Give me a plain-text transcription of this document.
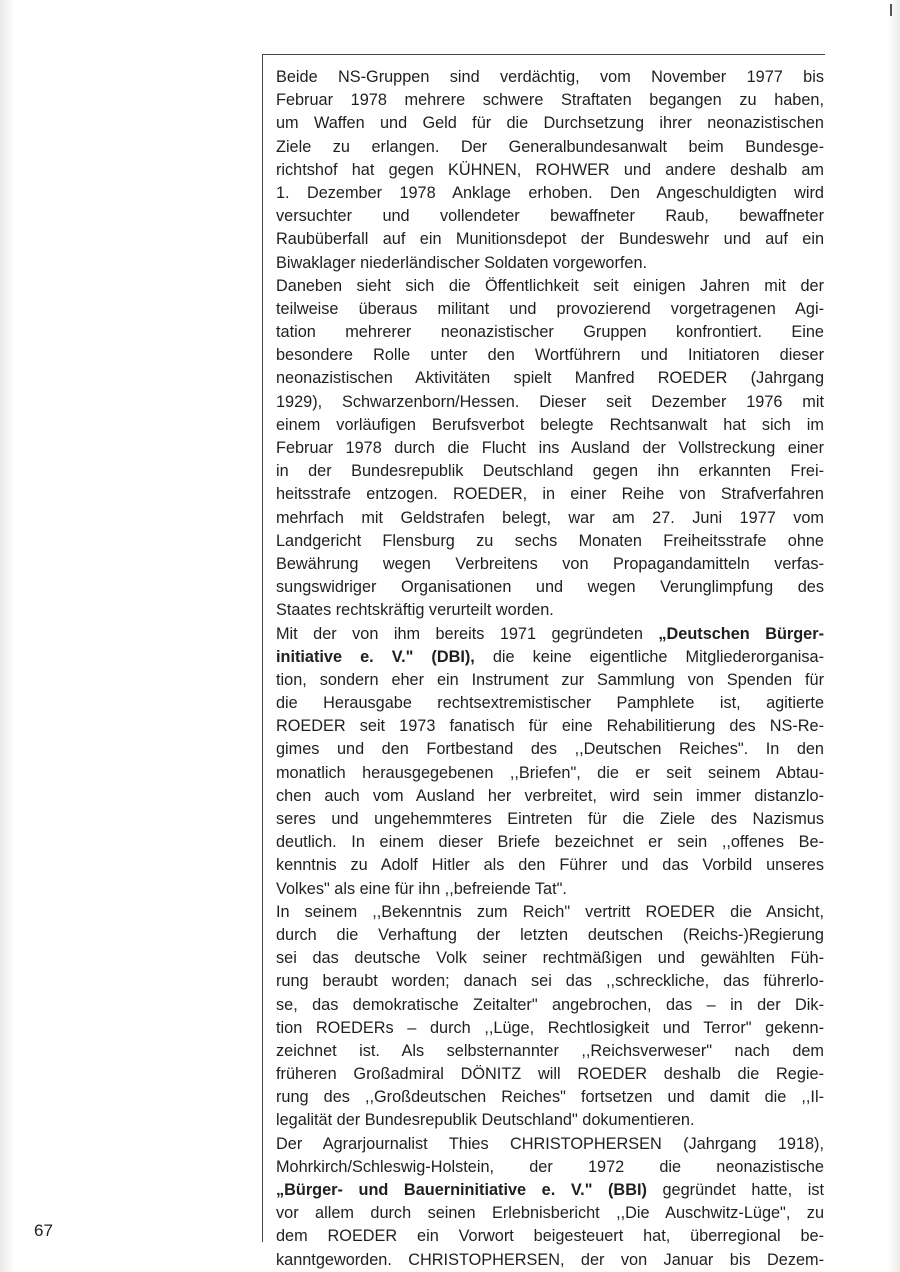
67
Beide NS-Gruppen sind verdächtig, vom November 1977 bis
Februar 1978 mehrere schwere Straftaten begangen zu haben,
um Waffen und Geld für die Durchsetzung ihrer neonazistischen
Ziele zu erlangen. Der Generalbundesanwalt beim Bundesge-
richtshof hat gegen KÜHNEN, ROHWER und andere deshalb am
1. Dezember 1978 Anklage erhoben. Den Angeschuldigten wird
versuchter und vollendeter bewaffneter Raub, bewaffneter
Raubüberfall auf ein Munitionsdepot der Bundeswehr und auf ein
Biwaklager niederländischer Soldaten vorgeworfen.
Daneben sieht sich die Öffentlichkeit seit einigen Jahren mit der
teilweise überaus militant und provozierend vorgetragenen Agi-
tation mehrerer neonazistischer Gruppen konfrontiert. Eine
besondere Rolle unter den Wortführern und Initiatoren dieser
neonazistischen Aktivitäten spielt Manfred ROEDER (Jahrgang
1929), Schwarzenborn/Hessen. Dieser seit Dezember 1976 mit
einem vorläufigen Berufsverbot belegte Rechtsanwalt hat sich im
Februar 1978 durch die Flucht ins Ausland der Vollstreckung einer
in der Bundesrepublik Deutschland gegen ihn erkannten Frei-
heitsstrafe entzogen. ROEDER, in einer Reihe von Strafverfahren
mehrfach mit Geldstrafen belegt, war am 27. Juni 1977 vom
Landgericht Flensburg zu sechs Monaten Freiheitsstrafe ohne
Bewährung wegen Verbreitens von Propagandamitteln verfas-
sungswidriger Organisationen und wegen Verunglimpfung des
Staates rechtskräftig verurteilt worden.
Mit der von ihm bereits 1971 gegründeten „Deutschen Bürger-
initiative e. V." (DBI), die keine eigentliche Mitgliederorganisa-
tion, sondern eher ein Instrument zur Sammlung von Spenden für
die Herausgabe rechtsextremistischer Pamphlete ist, agitierte
ROEDER seit 1973 fanatisch für eine Rehabilitierung des NS-Re-
gimes und den Fortbestand des ,,Deutschen Reiches". In den
monatlich herausgegebenen ,,Briefen", die er seit seinem Abtau-
chen auch vom Ausland her verbreitet, wird sein immer distanzlo-
seres und ungehemmteres Eintreten für die Ziele des Nazismus
deutlich. In einem dieser Briefe bezeichnet er sein ,,offenes Be-
kenntnis zu Adolf Hitler als den Führer und das Vorbild unseres
Volkes" als eine für ihn ,,befreiende Tat".
In seinem ,,Bekenntnis zum Reich" vertritt ROEDER die Ansicht,
durch die Verhaftung der letzten deutschen (Reichs-)Regierung
sei das deutsche Volk seiner rechtmäßigen und gewählten Füh-
rung beraubt worden; danach sei das ,,schreckliche, das führerlo-
se, das demokratische Zeitalter" angebrochen, das – in der Dik-
tion ROEDERs – durch ,,Lüge, Rechtlosigkeit und Terror" gekenn-
zeichnet ist. Als selbsternannter ,,Reichsverweser" nach dem
früheren Großadmiral DÖNITZ will ROEDER deshalb die Regie-
rung des ,,Großdeutschen Reiches" fortsetzen und damit die ,,Il-
legalität der Bundesrepublik Deutschland" dokumentieren.
Der Agrarjournalist Thies CHRISTOPHERSEN (Jahrgang 1918),
Mohrkirch/Schleswig-Holstein, der 1972 die neonazistische
„Bürger- und Bauerninitiative e. V." (BBI) gegründet hatte, ist
vor allem durch seinen Erlebnisbericht ,,Die Auschwitz-Lüge", zu
dem ROEDER ein Vorwort beigesteuert hat, überregional be-
kanntgeworden. CHRISTOPHERSEN, der von Januar bis Dezem-
